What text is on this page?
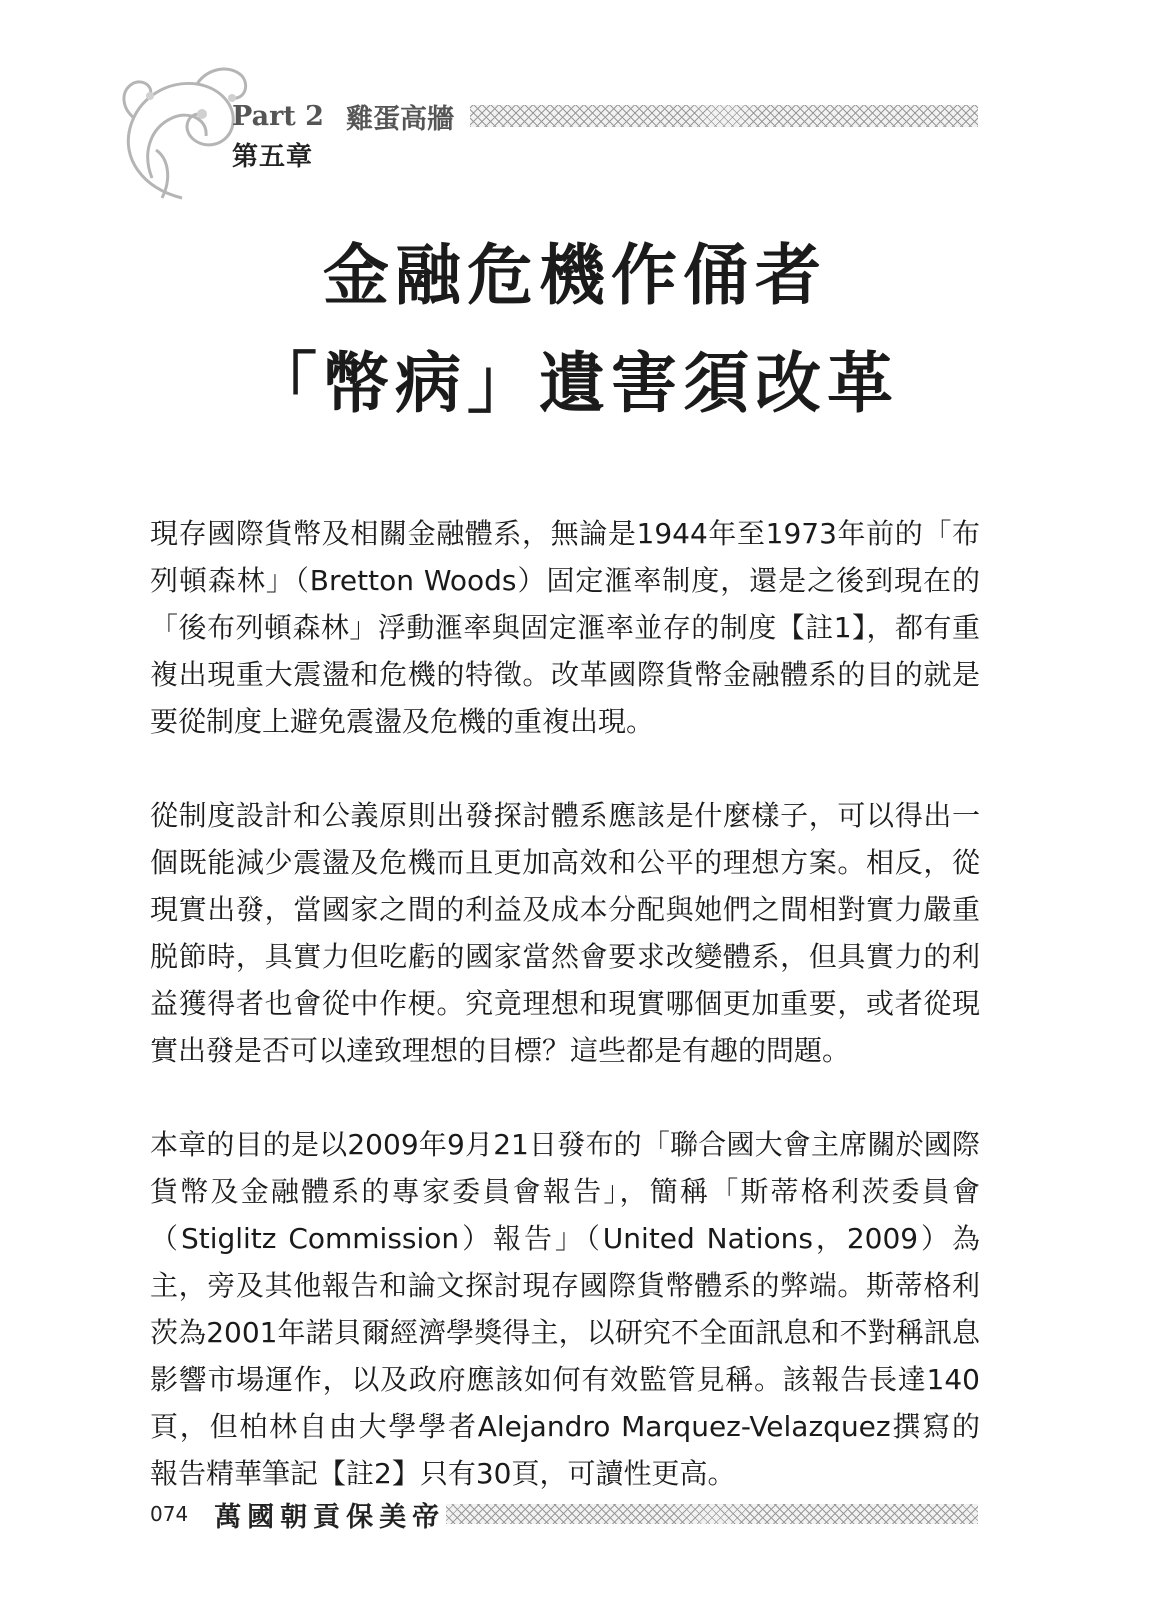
Part 2 雞蛋高牆
第五章
金融危機作俑者
「幣病」遺害須改革

現存國際貨幣及相關金融體系，無論是1944年至1973年前的「布列頓森林」（Bretton Woods）固定滙率制度，還是之後到現在的「後布列頓森林」浮動滙率與固定滙率並存的制度【註1】，都有重複出現重大震盪和危機的特徵。改革國際貨幣金融體系的目的就是要從制度上避免震盪及危機的重複出現。

從制度設計和公義原則出發探討體系應該是什麼樣子，可以得出一個既能減少震盪及危機而且更加高效和公平的理想方案。相反，從現實出發，當國家之間的利益及成本分配與她們之間相對實力嚴重脱節時，具實力但吃虧的國家當然會要求改變體系，但具實力的利益獲得者也會從中作梗。究竟理想和現實哪個更加重要，或者從現實出發是否可以達致理想的目標？這些都是有趣的問題。

本章的目的是以2009年9月21日發布的「聯合國大會主席關於國際貨幣及金融體系的專家委員會報告」，簡稱「斯蒂格利茨委員會（Stiglitz Commission）報告」（United Nations，2009）為主，旁及其他報告和論文探討現存國際貨幣體系的弊端。斯蒂格利茨為2001年諾貝爾經濟學獎得主，以研究不全面訊息和不對稱訊息影響市場運作，以及政府應該如何有效監管見稱。該報告長達140頁，但柏林自由大學學者Alejandro Marquez-Velazquez撰寫的報告精華筆記【註2】只有30頁，可讀性更高。

074 萬國朝貢保美帝
